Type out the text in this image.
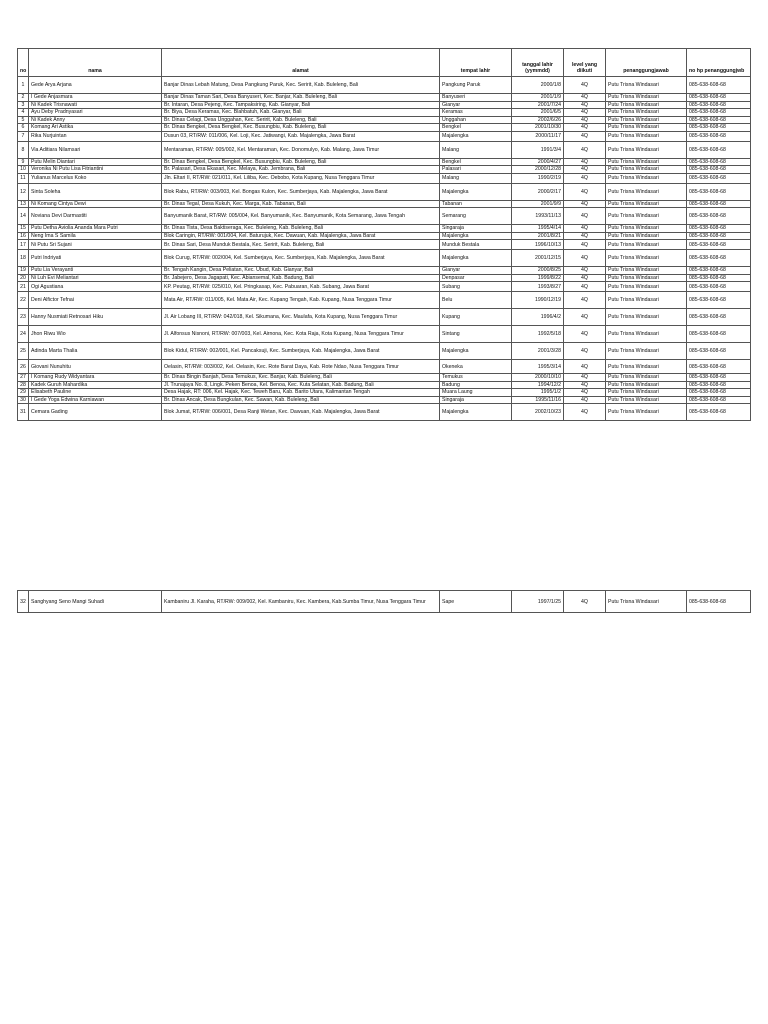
no	nama	alamat	tempat lahir	tanggal lahir (yymmdd)	level yang diikuti	penanggungjawab	no hp penanggungjwb
1	Gede Arya Arjana	Banjar Dinas Lebah Matung, Desa Pangkung Paruk, Kec. Seririt, Kab. Buleleng, Bali	Pangkung Paruk	2000/1/8	4Q	Putu Trisna Windasari	085-638-608-68
2	I Gede Anjasmara	Banjar Dinas Taman Sari, Desa Banyuseri, Kec. Banjar, Kab. Buleleng, Bali	Banyuseri	2001/1/9	4Q	Putu Trisna Windasari	085-638-608-68
3	Ni Kadek Trisnawati	Br. Intaran, Desa Pejeng, Kec. Tampaksiring, Kab. Gianyar, Bali	Gianyar	2001/7/24	4Q	Putu Trisna Windasari	085-638-608-68
4	Ayu Deby Pradnyasari	Br. Biya, Desa Keramas, Kec. Blahbatuh, Kab. Gianyar, Bali	Keramas	2001/6/5	4Q	Putu Trisna Windasari	085-638-608-68
5	Ni Kadek Anny	Br. Dinas Celagi, Desa Unggahan, Kec. Seririt, Kab. Buleleng, Bali	Unggahan	2002/6/26	4Q	Putu Trisna Windasari	085-638-608-68
6	Komang Ari Astika	Br. Dinas Bengkel, Desa Bengkel, Kec. Busungbiu, Kab. Buleleng, Bali	Bengkel	2001/10/30	4Q	Putu Trisna Windasari	085-638-608-68
7	Rika Nurjuintan	Dusun 03, RT/RW: 011/006, Kel. Loji, Kec. Jatiwangi, Kab. Majalengka, Jawa Barat	Majalengka	2000/11/17	4Q	Putu Trisna Windasari	085-638-608-68
8	Via Aditiara Nilamsari	Mentaraman, RT/RW: 005/002, Kel. Mentaraman, Kec. Donomulyo, Kab. Malang, Jawa Timur	Malang	1991/3/4	4Q	Putu Trisna Windasari	085-638-608-68
9	Putu Melin Diantari	Br. Dinas Bengkel, Desa Bengkel, Kec. Busungbiu, Kab. Buleleng, Bali	Bengkel	2000/4/27	4Q	Putu Trisna Windasari	085-638-608-68
10	Veronika Ni Putu Lisa Fitriantini	Br. Palasari, Desa Ekasari, Kec. Melaya, Kab. Jembrana, Bali	Palasari	2000/12/28	4Q	Putu Trisna Windasari	085-638-608-68
11	Yulianus Marcelus Koko	Jln. Eltari II, RT/RW: 021/011, Kel. Liliba, Kec. Oebobo, Kota Kupang, Nusa Tenggara Timur	Malang	1990/2/19	4Q	Putu Trisna Windasari	085-638-608-68
12	Sinta Soleha	Blok Rabu, RT/RW: 003/003, Kel. Bongas Kulon, Kec. Sumberjaya, Kab. Majalengka, Jawa Barat	Majalengka	2000/2/17	4Q	Putu Trisna Windasari	085-638-608-68
13	Ni Komang Cintya Dewi	Br. Dinas Tegal, Desa Kukuh, Kec. Marga, Kab. Tabanan, Bali	Tabanan	2001/9/9	4Q	Putu Trisna Windasari	085-638-608-68
14	Noviana Devi Darmastiti	Banyumanik Barat, RT/RW: 005/004, Kel. Banyumanik, Kec. Banyumanik, Kota Semarang, Jawa Tengah	Semarang	1993/11/13	4Q	Putu Trisna Windasari	085-638-608-68
15	Putu Detha Aviolia Ananda Mara Putri	Br. Dinas Tista, Desa Baktiseraga, Kec. Buleleng, Kab. Buleleng, Bali	Singaraja	1995/4/14	4Q	Putu Trisna Windasari	085-638-608-68
16	Neng Ima S Samila	Blok Caringin, RT/RW: 001/004, Kel. Baturujuk, Kec. Dawuan, Kab. Majalengka, Jawa Barat	Majalengka	2001/8/21	4Q	Putu Trisna Windasari	085-638-608-68
17	Ni Putu Sri Sujani	Br. Dinas Sari, Desa Munduk Bestala, Kec. Seririt, Kab. Buleleng, Bali	Munduk Bestala	1996/10/13	4Q	Putu Trisna Windasari	085-638-608-68
18	Putri Indriyati	Blok Curug, RT/RW: 002/004, Kel. Sumberjaya, Kec. Sumberjaya, Kab. Majalengka, Jawa Barat	Majalengka	2001/12/15	4Q	Putu Trisna Windasari	085-638-608-68
19	Putu Lia Verayanti	Br. Tengah Kangin, Desa Peliatan, Kec. Ubud, Kab. Gianyar, Bali	Gianyar	2000/8/25	4Q	Putu Trisna Windasari	085-638-608-68
20	Ni Luh Evi Meliantari	Br. Jabejero, Desa Jagapati, Kec. Abiansemal, Kab. Badung, Bali	Denpasar	1999/8/22	4Q	Putu Trisna Windasari	085-638-608-68
21	Ogi Agustiana	KP. Peutag, RT/RW: 025/010, Kel. Pringkasap, Kec. Pabuaran, Kab. Subang, Jawa Barat	Subang	1993/8/27	4Q	Putu Trisna Windasari	085-638-608-68
22	Deni Alfictor Tefnai	Mata Air, RT/RW: 011/005, Kel. Mata Air, Kec. Kupang Tengah, Kab. Kupang, Nusa Tenggara Timur	Belu	1990/12/19	4Q	Putu Trisna Windasari	085-638-608-68
23	Hanny Nusmiati Retnosari Hiku	Jl. Air Lobang III, RT/RW: 042/018, Kel. Sikumana, Kec. Maulafa, Kota Kupang, Nusa Tenggara Timur	Kupang	1996/4/2	4Q	Putu Trisna Windasari	085-638-608-68
24	Jhon Riwu Wio	Jl. Alfonsus Nisnoni, RT/RW: 007/003, Kel. Airnona, Kec. Kota Raja, Kota Kupang, Nusa Tenggara Timur	Sintang	1992/5/18	4Q	Putu Trisna Windasari	085-638-608-68
25	Adinda Marta Thalia	Blok Kidul, RT/RW: 002/001, Kel. Pancaksuji, Kec. Sumberjaya, Kab. Majalengka, Jawa Barat	Majalengka	2001/3/28	4Q	Putu Trisna Windasari	085-638-608-68
26	Giovani Nunuhitu	Oelasin, RT/RW: 003/002, Kel. Oelasin, Kec. Rote Barat Daya, Kab. Rote Ndao, Nusa Tenggara Timur	Okeneka	1995/3/14	4Q	Putu Trisna Windasari	085-638-608-68
27	I Komang Rudy Widyantara	Br. Dinas Bingin Banjah, Desa Temukus, Kec. Banjar, Kab. Buleleng, Bali	Temukus	2000/10/10	4Q	Putu Trisna Windasari	085-638-608-68
28	Kadek Guruh Mahardika	Jl. Trunajaya No. 8, Lingk. Peken Benoa, Kel. Benoa, Kec. Kuta Selatan, Kab. Badung, Bali	Badung	1994/12/2	4Q	Putu Trisna Windasari	085-638-608-68
29	Elisabeth Pauline	Desa Hajak, RT: 006, Kel. Hajak, Kec. Teweh Baru, Kab. Barito Utara, Kalimantan Tengah	Muara Laung	1995/1/2	4Q	Putu Trisna Windasari	085-638-608-68
30	I Gede Yoga Edwina Karniawan	Br. Dinas Ancak, Desa Bungkulan, Kec. Sawan, Kab. Buleleng, Bali	Singaraja	1995/11/16	4Q	Putu Trisna Windasari	085-638-608-68
31	Cemara Gading	Blok Jumat, RT/RW: 006/001, Desa Ranji Wetan, Kec. Dawuan, Kab. Majalengka, Jawa Barat	Majalengka	2002/10/23	4Q	Putu Trisna Windasari	085-638-608-68
32	Sanghyang Seno Mangi Suhadi	Kambaniru Jl. Karaha, RT/RW: 009/002, Kel. Kambaniru, Kec. Kambera, Kab.Sumba Timur, Nusa Tenggara Timur	Sape	1997/1/25	4Q	Putu Trisna Windasari	085-638-608-68
